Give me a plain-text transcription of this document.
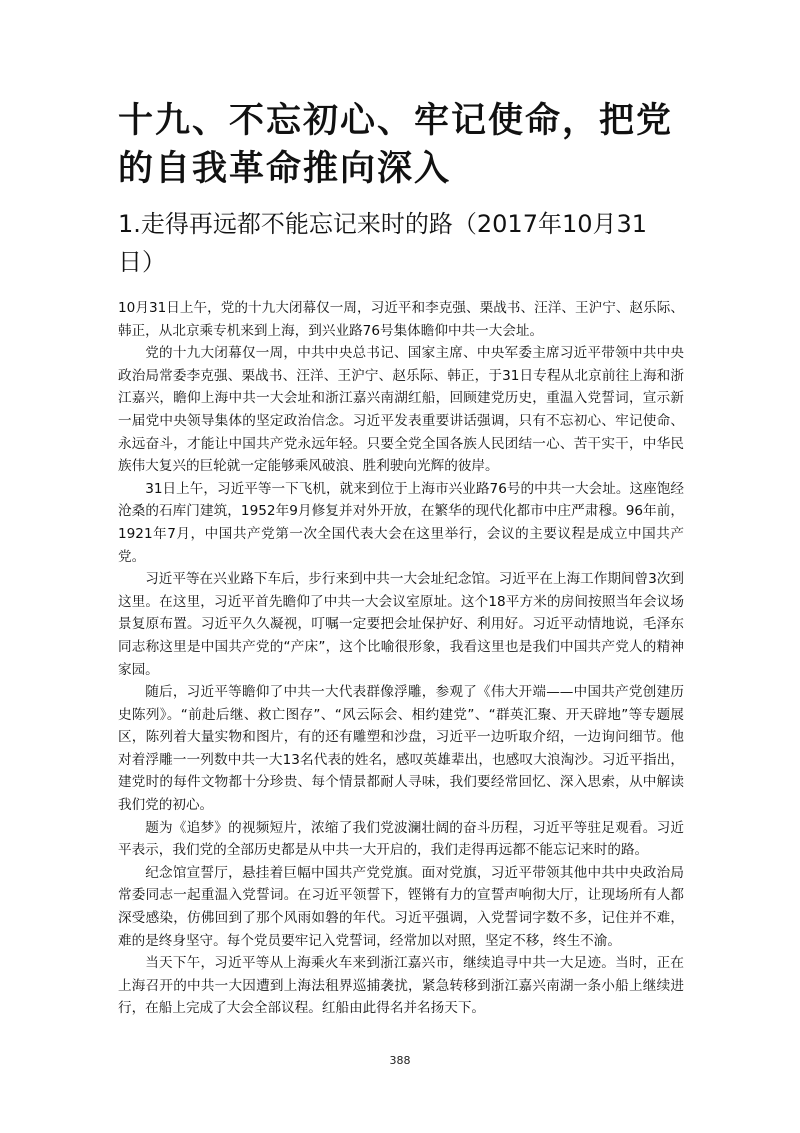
十九、不忘初心、牢记使命，把党的自我革命推向深入
1.走得再远都不能忘记来时的路（2017年10月31日）

10月31日上午，党的十九大闭幕仅一周，习近平和李克强、栗战书、汪洋、王沪宁、赵乐际、韩正，从北京乘专机来到上海，到兴业路76号集体瞻仰中共一大会址。

党的十九大闭幕仅一周，中共中央总书记、国家主席、中央军委主席习近平带领中共中央政治局常委李克强、栗战书、汪洋、王沪宁、赵乐际、韩正，于31日专程从北京前往上海和浙江嘉兴，瞻仰上海中共一大会址和浙江嘉兴南湖红船，回顾建党历史，重温入党誓词，宣示新一届党中央领导集体的坚定政治信念。习近平发表重要讲话强调，只有不忘初心、牢记使命、永远奋斗，才能让中国共产党永远年轻。只要全党全国各族人民团结一心、苦干实干，中华民族伟大复兴的巨轮就一定能够乘风破浪、胜利驶向光辉的彼岸。

31日上午，习近平等一下飞机，就来到位于上海市兴业路76号的中共一大会址。这座饱经沧桑的石库门建筑，1952年9月修复并对外开放，在繁华的现代化都市中庄严肃穆。96年前，1921年7月，中国共产党第一次全国代表大会在这里举行，会议的主要议程是成立中国共产党。

习近平等在兴业路下车后，步行来到中共一大会址纪念馆。习近平在上海工作期间曾3次到这里。在这里，习近平首先瞻仰了中共一大会议室原址。这个18平方米的房间按照当年会议场景复原布置。习近平久久凝视，叮嘱一定要把会址保护好、利用好。习近平动情地说，毛泽东同志称这里是中国共产党的“产床”，这个比喻很形象，我看这里也是我们中国共产党人的精神家园。

随后，习近平等瞻仰了中共一大代表群像浮雕，参观了《伟大开端——中国共产党创建历史陈列》。“前赴后继、救亡图存”、“风云际会、相约建党”、“群英汇聚、开天辟地”等专题展区，陈列着大量实物和图片，有的还有雕塑和沙盘，习近平一边听取介绍，一边询问细节。他对着浮雕一一列数中共一大13名代表的姓名，感叹英雄辈出，也感叹大浪淘沙。习近平指出，建党时的每件文物都十分珍贵、每个情景都耐人寻味，我们要经常回忆、深入思索，从中解读我们党的初心。

题为《追梦》的视频短片，浓缩了我们党波澜壮阔的奋斗历程，习近平等驻足观看。习近平表示，我们党的全部历史都是从中共一大开启的，我们走得再远都不能忘记来时的路。

纪念馆宣誓厅，悬挂着巨幅中国共产党党旗。面对党旗，习近平带领其他中共中央政治局常委同志一起重温入党誓词。在习近平领誓下，铿锵有力的宣誓声响彻大厅，让现场所有人都深受感染，仿佛回到了那个风雨如磐的年代。习近平强调，入党誓词字数不多，记住并不难，难的是终身坚守。每个党员要牢记入党誓词，经常加以对照，坚定不移，终生不渝。

当天下午，习近平等从上海乘火车来到浙江嘉兴市，继续追寻中共一大足迹。当时，正在上海召开的中共一大因遭到上海法租界巡捕袭扰，紧急转移到浙江嘉兴南湖一条小船上继续进行，在船上完成了大会全部议程。红船由此得名并名扬天下。

388
